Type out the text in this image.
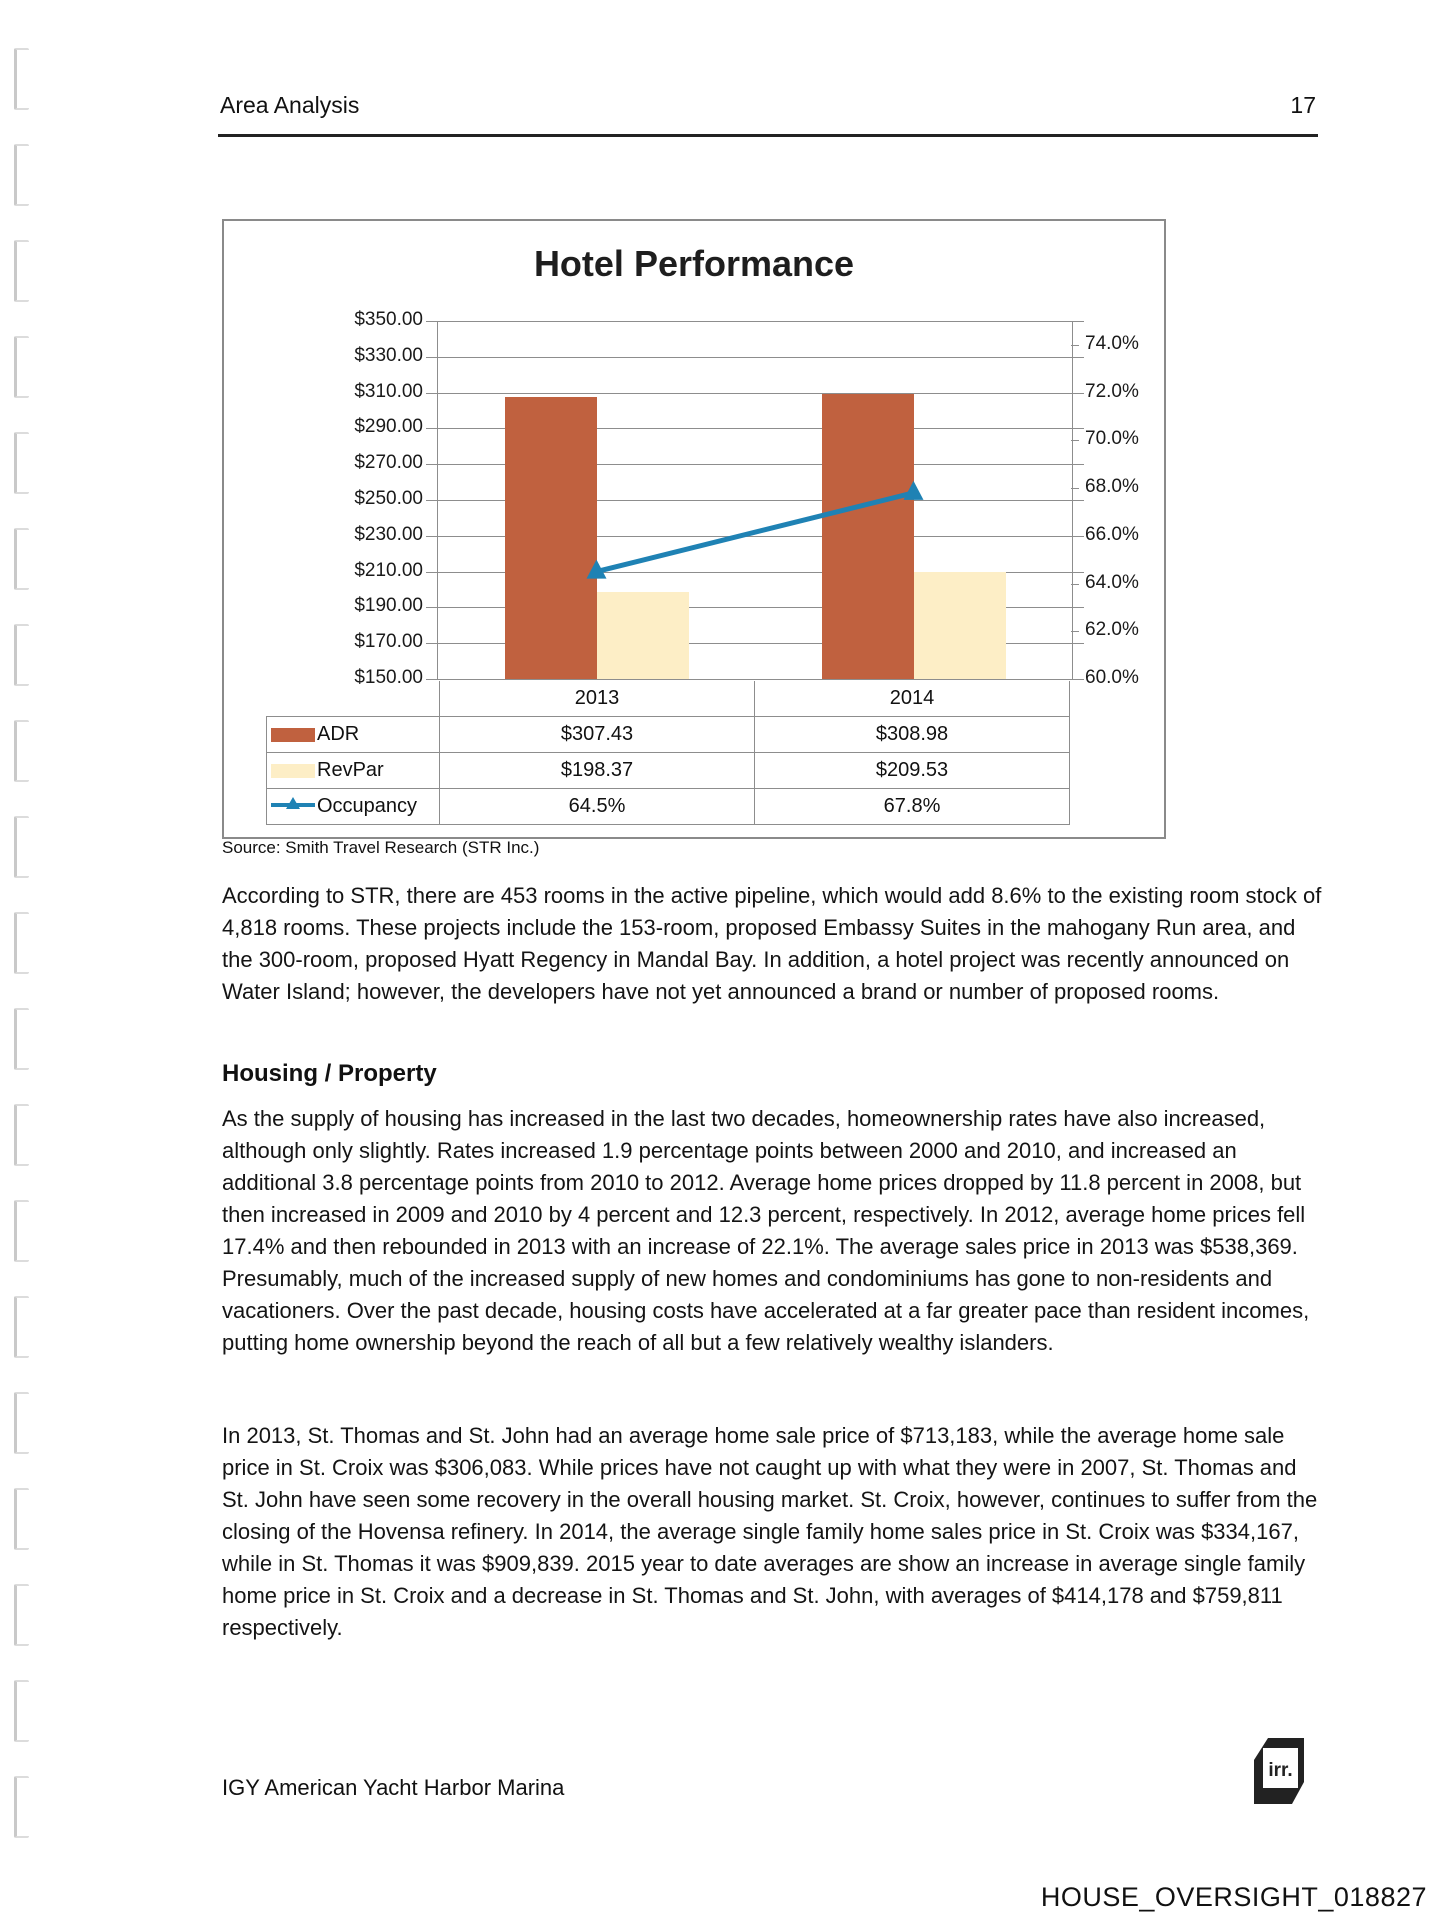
Area Analysis	17
Hotel Performance
$350.00
$330.00
$310.00
$290.00
$270.00
$250.00
$230.00
$210.00
$190.00
$170.00
$150.00
74.0%
72.0%
70.0%
68.0%
66.0%
64.0%
62.0%
60.0%
	2013	2014
ADR	$307.43	$308.98
RevPar	$198.37	$209.53
Occupancy	64.5%	67.8%
Source: Smith Travel Research (STR Inc.)
According to STR, there are 453 rooms in the active pipeline, which would add 8.6% to the existing room stock of 4,818 rooms. These projects include the 153-room, proposed Embassy Suites in the mahogany Run area, and the 300-room, proposed Hyatt Regency in Mandal Bay. In addition, a hotel project was recently announced on Water Island; however, the developers have not yet announced a brand or number of proposed rooms.
Housing / Property
As the supply of housing has increased in the last two decades, homeownership rates have also increased, although only slightly. Rates increased 1.9 percentage points between 2000 and 2010, and increased an additional 3.8 percentage points from 2010 to 2012. Average home prices dropped by 11.8 percent in 2008, but then increased in 2009 and 2010 by 4 percent and 12.3 percent, respectively. In 2012, average home prices fell 17.4% and then rebounded in 2013 with an increase of 22.1%. The average sales price in 2013 was $538,369. Presumably, much of the increased supply of new homes and condominiums has gone to non-residents and vacationers. Over the past decade, housing costs have accelerated at a far greater pace than resident incomes, putting home ownership beyond the reach of all but a few relatively wealthy islanders.
In 2013, St. Thomas and St. John had an average home sale price of $713,183, while the average home sale price in St. Croix was $306,083. While prices have not caught up with what they were in 2007, St. Thomas and St. John have seen some recovery in the overall housing market. St. Croix, however, continues to suffer from the closing of the Hovensa refinery. In 2014, the average single family home sales price in St. Croix was $334,167, while in St. Thomas it was $909,839. 2015 year to date averages are show an increase in average single family home price in St. Croix and a decrease in St. Thomas and St. John, with averages of $414,178 and $759,811 respectively.
IGY American Yacht Harbor Marina
irr.
HOUSE_OVERSIGHT_018827
